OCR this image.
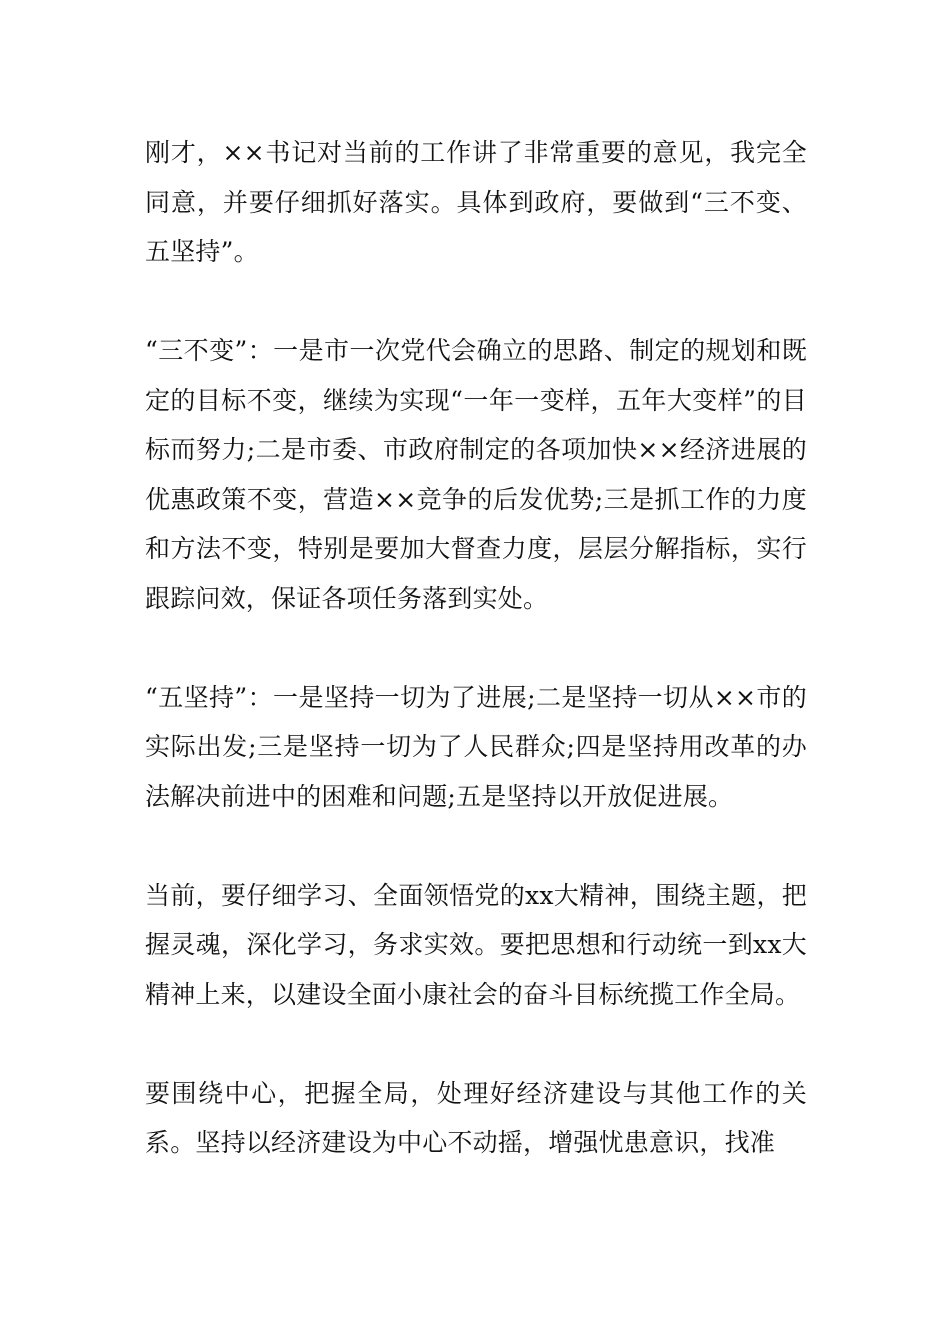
刚才，××书记对当前的工作讲了非常重要的意见，我完全同意，并要仔细抓好落实。具体到政府，要做到“三不变、五坚持”。

“三不变”：一是市一次党代会确立的思路、制定的规划和既定的目标不变，继续为实现“一年一变样，五年大变样”的目标而努力;二是市委、市政府制定的各项加快××经济进展的优惠政策不变，营造××竞争的后发优势;三是抓工作的力度和方法不变，特别是要加大督查力度，层层分解指标，实行跟踪问效，保证各项任务落到实处。

“五坚持”：一是坚持一切为了进展;二是坚持一切从××市的实际出发;三是坚持一切为了人民群众;四是坚持用改革的办法解决前进中的困难和问题;五是坚持以开放促进展。

当前，要仔细学习、全面领悟党的xx大精神，围绕主题，把握灵魂，深化学习，务求实效。要把思想和行动统一到xx大精神上来，以建设全面小康社会的奋斗目标统揽工作全局。

要围绕中心，把握全局，处理好经济建设与其他工作的关系。坚持以经济建设为中心不动摇，增强忧患意识，找准
